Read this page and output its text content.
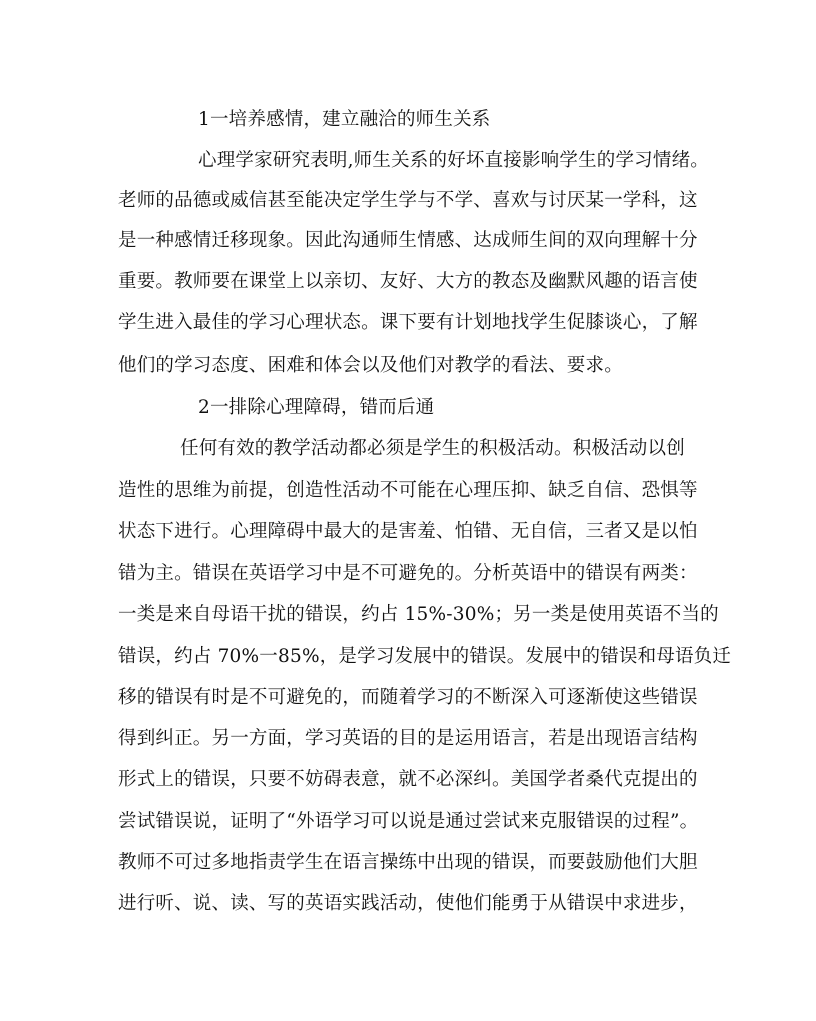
1一培养感情，建立融洽的师生关系
心理学家研究表明,师生关系的好坏直接影响学生的学习情绪。
老师的品德或威信甚至能决定学生学与不学、喜欢与讨厌某一学科，这
是一种感情迁移现象。因此沟通师生情感、达成师生间的双向理解十分
重要。教师要在课堂上以亲切、友好、大方的教态及幽默风趣的语言使
学生进入最佳的学习心理状态。课下要有计划地找学生促膝谈心，了解
他们的学习态度、困难和体会以及他们对教学的看法、要求。
2一排除心理障碍，错而后通
任何有效的教学活动都必须是学生的积极活动。积极活动以创
造性的思维为前提，创造性活动不可能在心理压抑、缺乏自信、恐惧等
状态下进行。心理障碍中最大的是害羞、怕错、无自信，三者又是以怕
错为主。错误在英语学习中是不可避免的。分析英语中的错误有两类：
一类是来自母语干扰的错误，约占 15%-30%；另一类是使用英语不当的
错误，约占 70%一85%，是学习发展中的错误。发展中的错误和母语负迁
移的错误有时是不可避免的，而随着学习的不断深入可逐渐使这些错误
得到纠正。另一方面，学习英语的目的是运用语言，若是出现语言结构
形式上的错误，只要不妨碍表意，就不必深纠。美国学者桑代克提出的
尝试错误说，证明了“外语学习可以说是通过尝试来克服错误的过程”。
教师不可过多地指责学生在语言操练中出现的错误，而要鼓励他们大胆
进行听、说、读、写的英语实践活动，使他们能勇于从错误中求进步，
